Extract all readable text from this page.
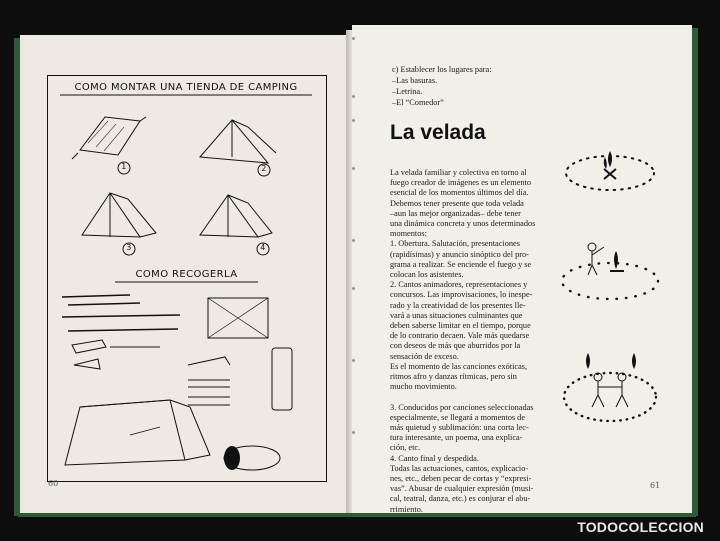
COMO MONTAR UNA TIENDA DE CAMPING
1	2
3	4
COMO RECOGERLA
60
c) Establecer los lugares para:
–Las basuras.
–Letrina.
–El “Comedor”
La velada
La velada familiar y colectiva en torno al
fuego creador de imágenes es un elemento
esencial de los momentos últimos del día.
Debemos tener presente que toda velada
–aun las mejor organizadas– debe tener
una dinámica concreta y unos determinados
momentos:
1. Obertura. Salutación, presentaciones
(rapidísimas) y anuncio sinóptico del pro-
grama a realizar. Se enciende el fuego y se
colocan los asistentes.
2. Cantos animadores, representaciones y
concursos. Las improvisaciones, lo inespe-
rado y la creatividad de los presentes lle-
vará a unas situaciones culminantes que
deben saberse limitar en el tiempo, porque
de lo contrario decaen. Vale más quedarse
con deseos de más que aburridos por la
sensación de exceso.
Es el momento de las canciones exóticas,
ritmos afro y danzas rítmicas, pero sin
mucho movimiento.
3. Conducidos por canciones seleccionadas
especialmente, se llegará a momentos de
más quietud y sublimación: una corta lec-
tura interesante, un poema, una explica-
ción, etc.
4. Canto final y despedida.
Todas las actuaciones, cantos, explicacio-
nes, etc., deben pecar de cortas y “expresi-
vas”. Abusar de cualquier expresión (musi-
cal, teatral, danza, etc.) es conjurar el abu-
rrimiento.
61
TODOCOLECCION
